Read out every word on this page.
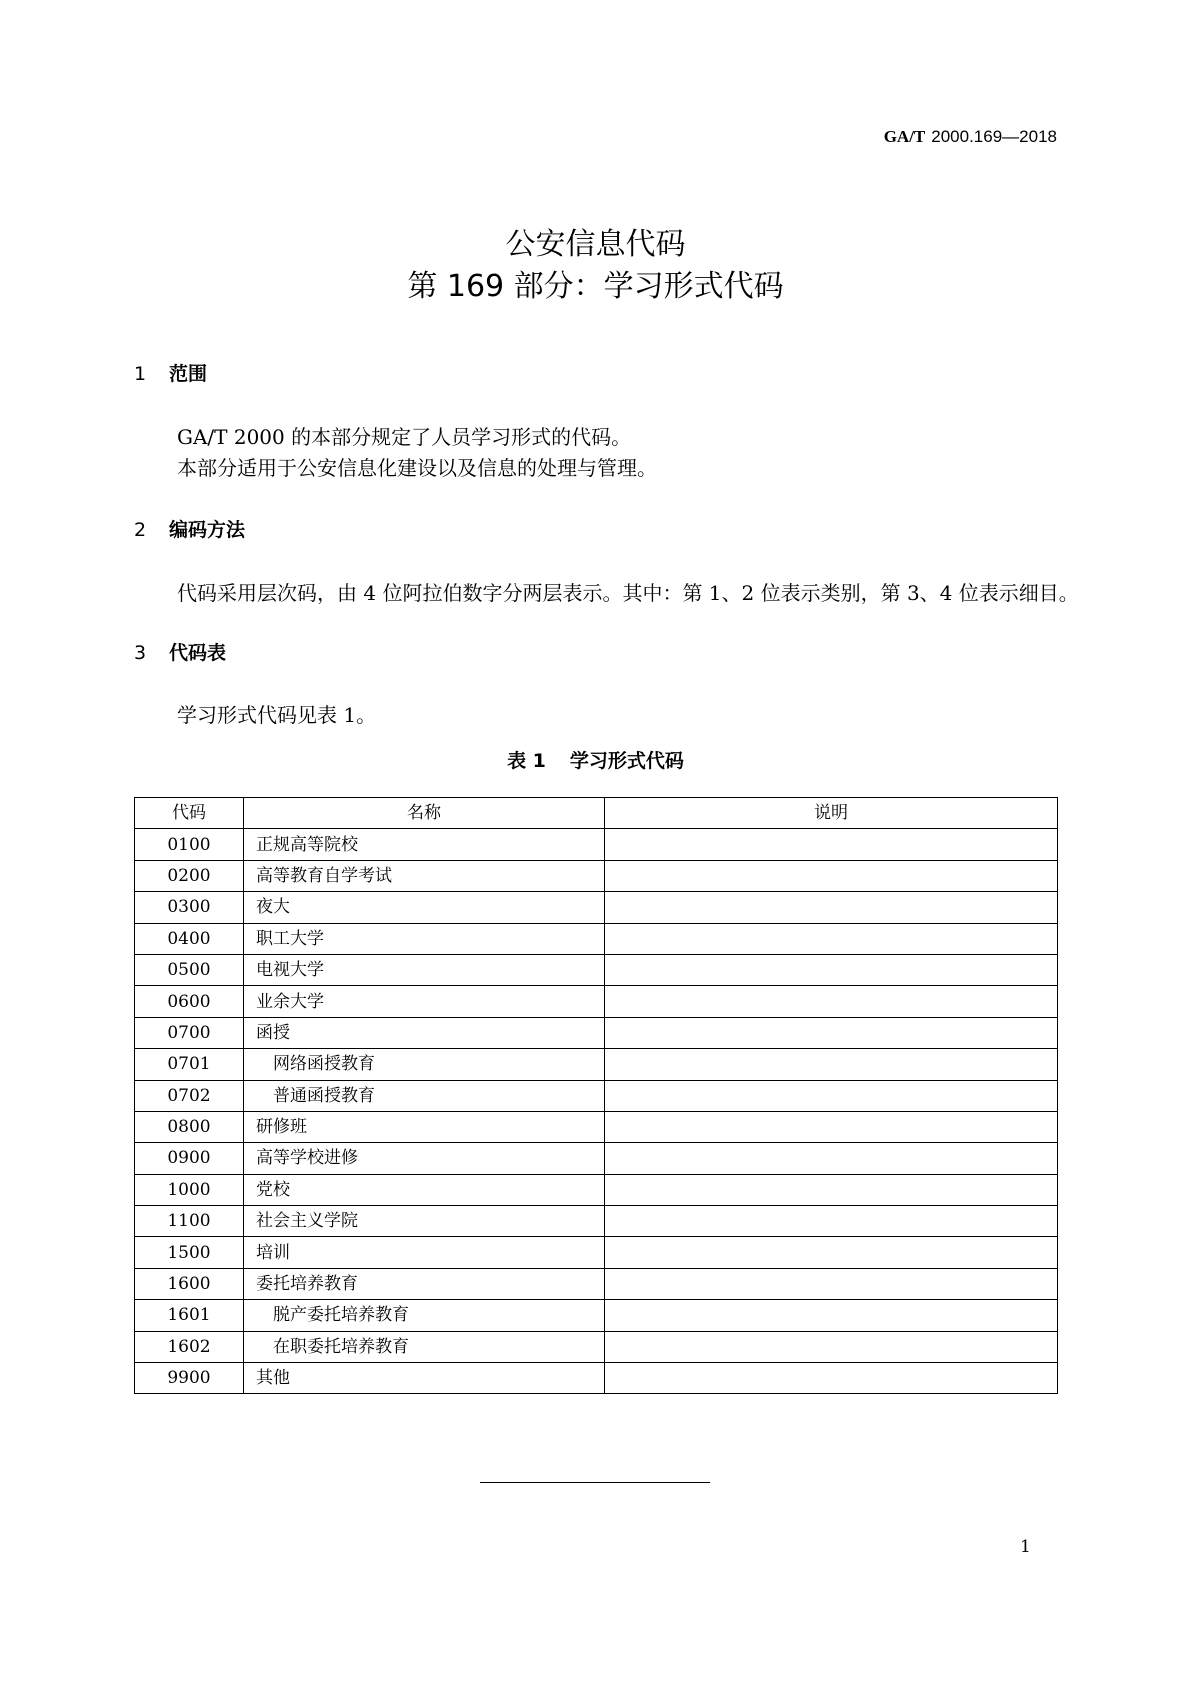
GA/T 2000.169—2018
公安信息代码
第 169 部分：学习形式代码
1 范围
GA/T 2000 的本部分规定了人员学习形式的代码。
本部分适用于公安信息化建设以及信息的处理与管理。
2 编码方法
代码采用层次码，由 4 位阿拉伯数字分两层表示。其中：第 1、2 位表示类别，第 3、4 位表示细目。
3 代码表
学习形式代码见表 1。
表 1 学习形式代码
代码	名称	说明
0100	正规高等院校	
0200	高等教育自学考试	
0300	夜大	
0400	职工大学	
0500	电视大学	
0600	业余大学	
0700	函授	
0701	网络函授教育	
0702	普通函授教育	
0800	研修班	
0900	高等学校进修	
1000	党校	
1100	社会主义学院	
1500	培训	
1600	委托培养教育	
1601	脱产委托培养教育	
1602	在职委托培养教育	
9900	其他	
1
